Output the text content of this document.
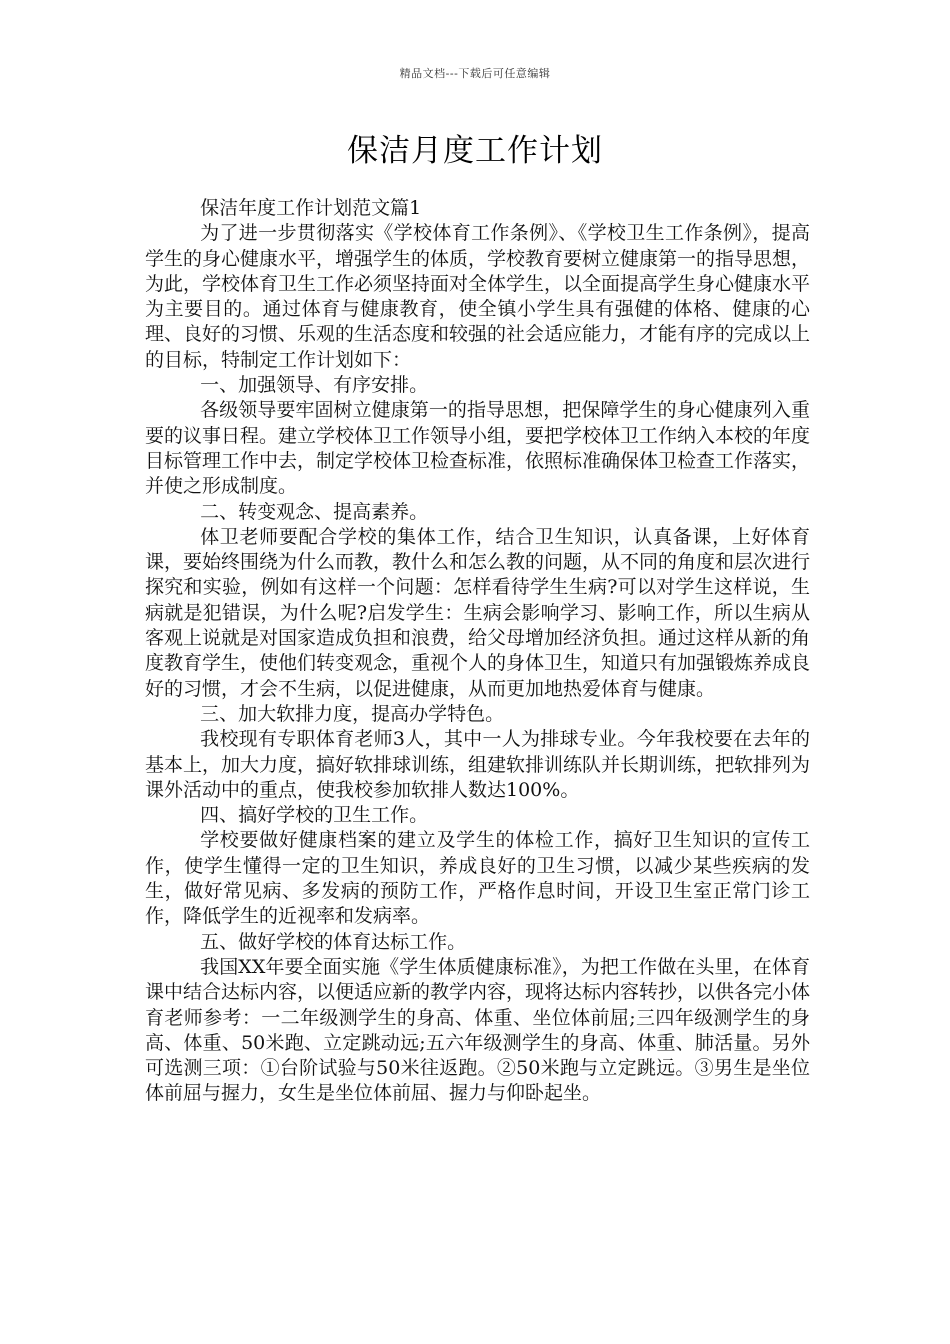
精品文档---下载后可任意编辑
保洁月度工作计划

保洁年度工作计划范文篇1

为了进一步贯彻落实《学校体育工作条例》、《学校卫生工作条例》，提高学生的身心健康水平，增强学生的体质，学校教育要树立健康第一的指导思想，为此，学校体育卫生工作必须坚持面对全体学生，以全面提高学生身心健康水平为主要目的。通过体育与健康教育，使全镇小学生具有强健的体格、健康的心理、良好的习惯、乐观的生活态度和较强的社会适应能力，才能有序的完成以上的目标，特制定工作计划如下：

一、加强领导、有序安排。

各级领导要牢固树立健康第一的指导思想，把保障学生的身心健康列入重要的议事日程。建立学校体卫工作领导小组，要把学校体卫工作纳入本校的年度目标管理工作中去，制定学校体卫检查标准，依照标准确保体卫检查工作落实，并使之形成制度。

二、转变观念、提高素养。

体卫老师要配合学校的集体工作，结合卫生知识，认真备课，上好体育课，要始终围绕为什么而教，教什么和怎么教的问题，从不同的角度和层次进行探究和实验，例如有这样一个问题：怎样看待学生生病?可以对学生这样说，生病就是犯错误，为什么呢?启发学生：生病会影响学习、影响工作，所以生病从客观上说就是对国家造成负担和浪费，给父母增加经济负担。通过这样从新的角度教育学生，使他们转变观念，重视个人的身体卫生，知道只有加强锻炼养成良好的习惯，才会不生病，以促进健康，从而更加地热爱体育与健康。

三、加大软排力度，提高办学特色。

我校现有专职体育老师3人，其中一人为排球专业。今年我校要在去年的基本上，加大力度，搞好软排球训练，组建软排训练队并长期训练，把软排列为课外活动中的重点，使我校参加软排人数达100%。

四、搞好学校的卫生工作。

学校要做好健康档案的建立及学生的体检工作，搞好卫生知识的宣传工作，使学生懂得一定的卫生知识，养成良好的卫生习惯，以减少某些疾病的发生，做好常见病、多发病的预防工作，严格作息时间，开设卫生室正常门诊工作，降低学生的近视率和发病率。

五、做好学校的体育达标工作。

我国XX年要全面实施《学生体质健康标准》，为把工作做在头里，在体育课中结合达标内容，以便适应新的教学内容，现将达标内容转抄，以供各完小体育老师参考：一二年级测学生的身高、体重、坐位体前屈;三四年级测学生的身高、体重、50米跑、立定跳动远;五六年级测学生的身高、体重、肺活量。另外可选测三项：①台阶试验与50米往返跑。②50米跑与立定跳远。③男生是坐位体前屈与握力，女生是坐位体前屈、握力与仰卧起坐。
